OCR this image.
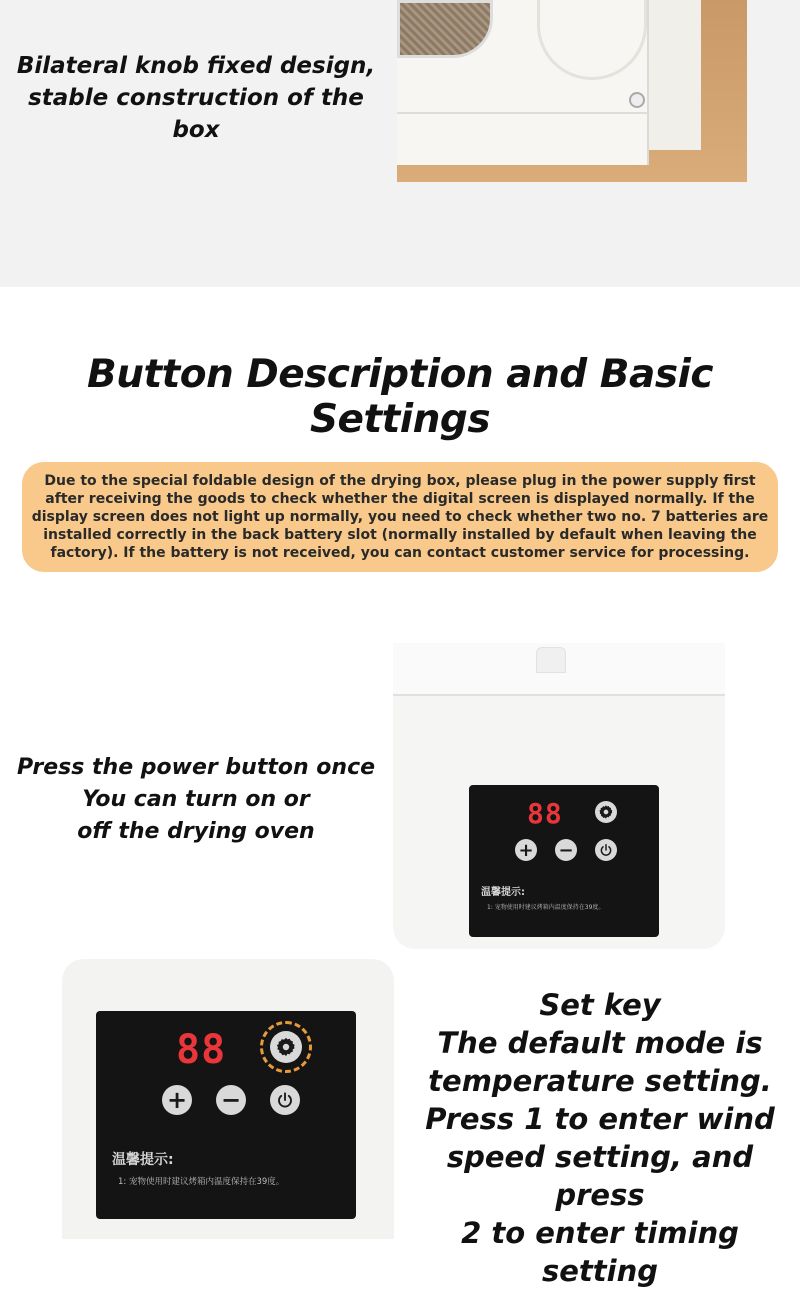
Bilateral knob fixed design, stable construction of the box
Button Description and Basic Settings
Due to the special foldable design of the drying box, please plug in the power supply first after receiving the goods to check whether the digital screen is displayed normally. If the display screen does not light up normally, you need to check whether two no. 7 batteries are installed correctly in the back battery slot (normally installed by default when leaving the factory). If the battery is not received, you can contact customer service for processing.
Press the power button once
You can turn on or
off the drying oven
88
+ −
温馨提示:
1: 宠物使用时建议烤箱内温度保持在39度。
88
+ −
温馨提示:
1: 宠物使用时建议烤箱内温度保持在39度。
Set key
The default mode is
temperature setting.
Press 1 to enter wind
speed setting, and press
2 to enter timing setting
